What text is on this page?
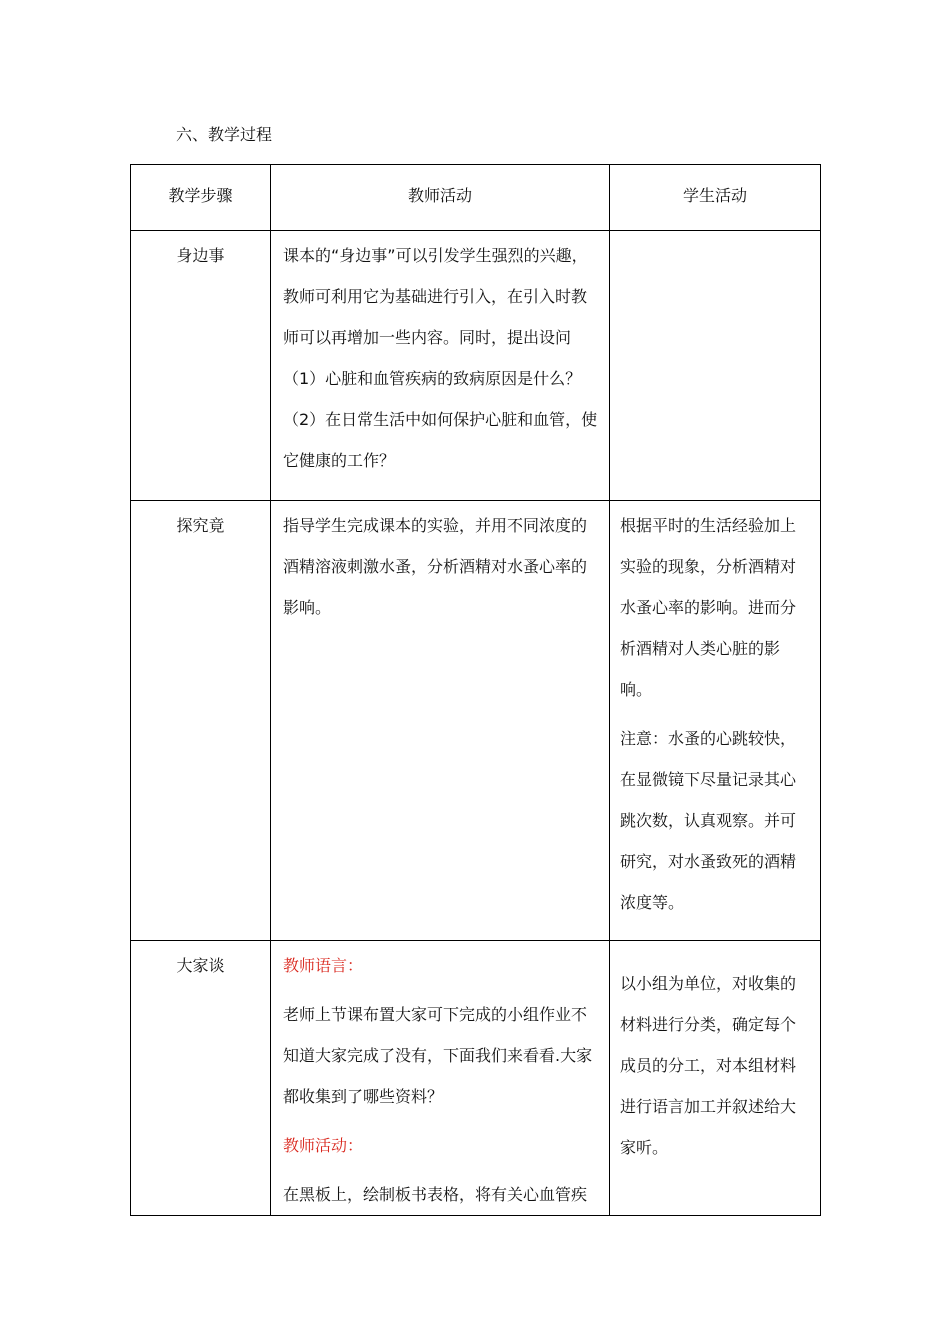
六、教学过程
教学步骤	教师活动	学生活动
身边事	课本的“身边事”可以引发学生强烈的兴趣，教师可利用它为基础进行引入，在引入时教师可以再增加一些内容。同时，提出设问（1）心脏和血管疾病的致病原因是什么？（2）在日常生活中如何保护心脏和血管，使它健康的工作？	
探究竟	指导学生完成课本的实验，并用不同浓度的酒精溶液刺激水蚤，分析酒精对水蚤心率的影响。	根据平时的生活经验加上实验的现象，分析酒精对水蚤心率的影响。进而分析酒精对人类心脏的影响。

注意：水蚤的心跳较快，在显微镜下尽量记录其心跳次数，认真观察。并可研究，对水蚤致死的酒精浓度等。

大家谈	教师语言：

老师上节课布置大家可下完成的小组作业不知道大家完成了没有，下面我们来看看.大家都收集到了哪些资料？

教师活动：

在黑板上，绘制板书表格，将有关心血管疾	以小组为单位，对收集的材料进行分类，确定每个成员的分工，对本组材料进行语言加工并叙述给大家听。
